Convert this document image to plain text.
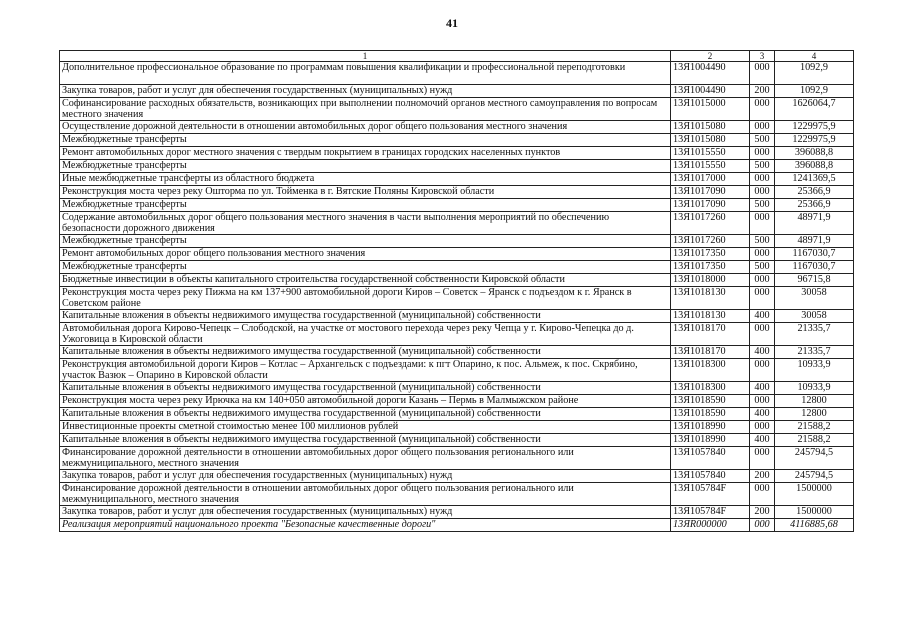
41
1	2	3	4
Дополнительное профессиональное образование по программам повышения квалификации и профессиональной переподготовки	13Я1004490	000	1092,9
Закупка товаров, работ и услуг для обеспечения государственных (муниципальных) нужд	13Я1004490	200	1092,9
Софинансирование расходных обязательств, возникающих при выполнении полномочий органов местного самоуправления по вопросам местного значения	13Я1015000	000	1626064,7
Осуществление дорожной деятельности в отношении автомобильных дорог общего пользования местного значения	13Я1015080	000	1229975,9
Межбюджетные трансферты	13Я1015080	500	1229975,9
Ремонт автомобильных дорог местного значения с твердым покрытием в границах городских населенных пунктов	13Я1015550	000	396088,8
Межбюджетные трансферты	13Я1015550	500	396088,8
Иные межбюджетные трансферты из областного бюджета	13Я1017000	000	1241369,5
Реконструкция моста через реку Ошторма по ул. Тойменка в г. Вятские Поляны Кировской области	13Я1017090	000	25366,9
Межбюджетные трансферты	13Я1017090	500	25366,9
Содержание автомобильных дорог общего пользования местного значения в части выполнения мероприятий по обеспечению безопасности дорожного движения	13Я1017260	000	48971,9
Межбюджетные трансферты	13Я1017260	500	48971,9
Ремонт автомобильных дорог общего пользования местного значения	13Я1017350	000	1167030,7
Межбюджетные трансферты	13Я1017350	500	1167030,7
Бюджетные инвестиции в объекты капитального строительства государственной собственности Кировской области	13Я1018000	000	96715,8
Реконструкция моста через реку Пижма на км 137+900 автомобильной дороги Киров – Советск – Яранск с подъездом к г. Яранск в Советском районе	13Я1018130	000	30058
Капитальные вложения в объекты недвижимого имущества государственной (муниципальной) собственности	13Я1018130	400	30058
Автомобильная дорога Кирово-Чепецк – Слободской, на участке от мостового перехода через реку Чепца у г. Кирово-Чепецка до д. Ужоговица в Кировской области	13Я1018170	000	21335,7
Капитальные вложения в объекты недвижимого имущества государственной (муниципальной) собственности	13Я1018170	400	21335,7
Реконструкция автомобильной дороги Киров – Котлас – Архангельск с подъездами: к пгт Опарино, к пос. Альмеж, к пос. Скрябино, участок Вазюк – Опарино в Кировской области	13Я1018300	000	10933,9
Капитальные вложения в объекты недвижимого имущества государственной (муниципальной) собственности	13Я1018300	400	10933,9
Реконструкция моста через реку Ирючка на км 140+050 автомобильной дороги Казань – Пермь в Малмыжском районе	13Я1018590	000	12800
Капитальные вложения в объекты недвижимого имущества государственной (муниципальной) собственности	13Я1018590	400	12800
Инвестиционные проекты сметной стоимостью менее 100 миллионов рублей	13Я1018990	000	21588,2
Капитальные вложения в объекты недвижимого имущества государственной (муниципальной) собственности	13Я1018990	400	21588,2
Финансирование дорожной деятельности в отношении автомобильных дорог общего пользования регионального или межмуниципального, местного значения	13Я1057840	000	245794,5
Закупка товаров, работ и услуг для обеспечения государственных (муниципальных) нужд	13Я1057840	200	245794,5
Финансирование дорожной деятельности в отношении автомобильных дорог общего пользования регионального или межмуниципального, местного значения	13Я105784F	000	1500000
Закупка товаров, работ и услуг для обеспечения государственных (муниципальных) нужд	13Я105784F	200	1500000
Реализация мероприятий национального проекта "Безопасные качественные дороги"	13ЯR000000	000	4116885,68
